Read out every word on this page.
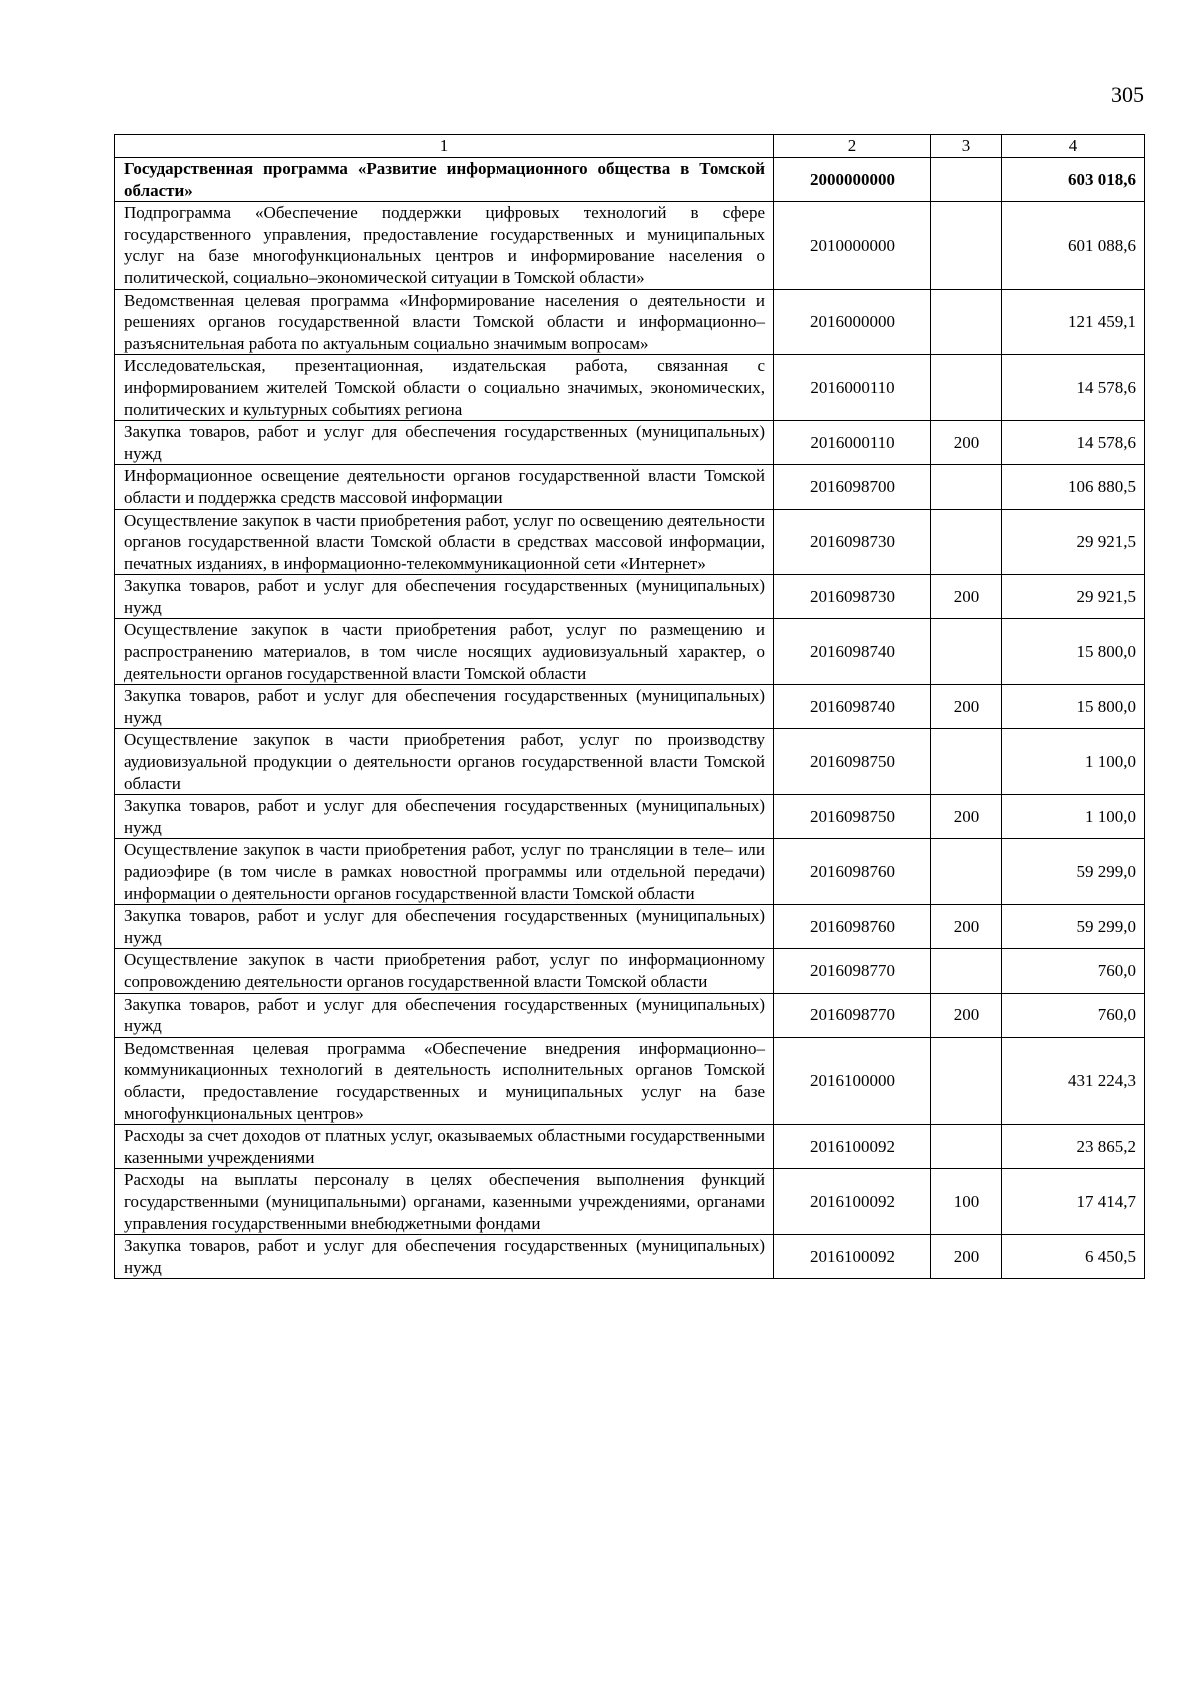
305
1	2	3	4
Государственная программа «Развитие информационного общества в Томской области»	2000000000		603 018,6
Подпрограмма «Обеспечение поддержки цифровых технологий в сфере государственного управления, предоставление государственных и муниципальных услуг на базе многофункциональных центров и информирование населения о политической, социально–экономической ситуации в Томской области»	2010000000		601 088,6
Ведомственная целевая программа «Информирование населения о деятельности и решениях органов государственной власти Томской области и информационно–разъяснительная работа по актуальным социально значимым вопросам»	2016000000		121 459,1
Исследовательская, презентационная, издательская работа, связанная с информированием жителей Томской области о социально значимых, экономических, политических и культурных событиях региона	2016000110		14 578,6
Закупка товаров, работ и услуг для обеспечения государственных (муниципальных) нужд	2016000110	200	14 578,6
Информационное освещение деятельности органов государственной власти Томской области и поддержка средств массовой информации	2016098700		106 880,5
Осуществление закупок в части приобретения работ, услуг по освещению деятельности органов государственной власти Томской области в средствах массовой информации, печатных изданиях, в информационно-телекоммуникационной сети «Интернет»	2016098730		29 921,5
Закупка товаров, работ и услуг для обеспечения государственных (муниципальных) нужд	2016098730	200	29 921,5
Осуществление закупок в части приобретения работ, услуг по размещению и распространению материалов, в том числе носящих аудиовизуальный характер, о деятельности органов государственной власти Томской области	2016098740		15 800,0
Закупка товаров, работ и услуг для обеспечения государственных (муниципальных) нужд	2016098740	200	15 800,0
Осуществление закупок в части приобретения работ, услуг по производству аудиовизуальной продукции о деятельности органов государственной власти Томской области	2016098750		1 100,0
Закупка товаров, работ и услуг для обеспечения государственных (муниципальных) нужд	2016098750	200	1 100,0
Осуществление закупок в части приобретения работ, услуг по трансляции в теле– или радиоэфире (в том числе в рамках новостной программы или отдельной передачи) информации о деятельности органов государственной власти Томской области	2016098760		59 299,0
Закупка товаров, работ и услуг для обеспечения государственных (муниципальных) нужд	2016098760	200	59 299,0
Осуществление закупок в части приобретения работ, услуг по информационному сопровождению деятельности органов государственной власти Томской области	2016098770		760,0
Закупка товаров, работ и услуг для обеспечения государственных (муниципальных) нужд	2016098770	200	760,0
Ведомственная целевая программа «Обеспечение внедрения информационно–коммуникационных технологий в деятельность исполнительных органов Томской области, предоставление государственных и муниципальных услуг на базе многофункциональных центров»	2016100000		431 224,3
Расходы за счет доходов от платных услуг, оказываемых областными государственными казенными учреждениями	2016100092		23 865,2
Расходы на выплаты персоналу в целях обеспечения выполнения функций государственными (муниципальными) органами, казенными учреждениями, органами управления государственными внебюджетными фондами	2016100092	100	17 414,7
Закупка товаров, работ и услуг для обеспечения государственных (муниципальных) нужд	2016100092	200	6 450,5
